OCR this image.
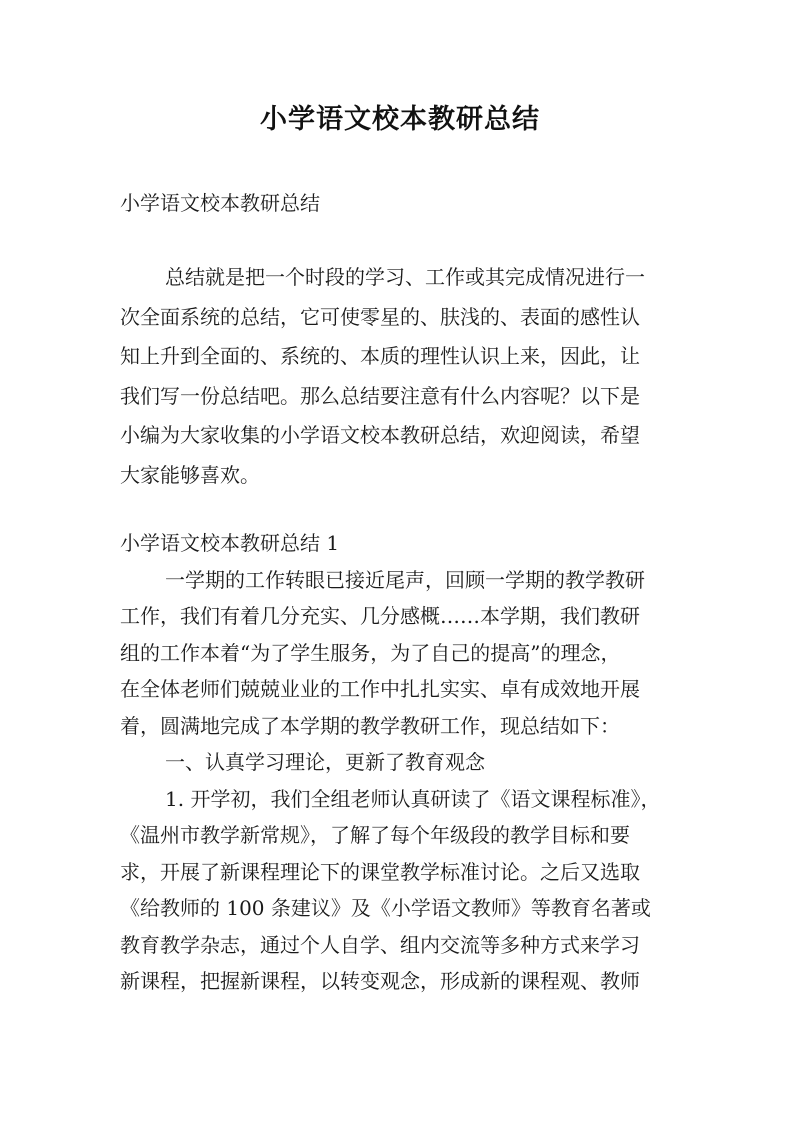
小学语文校本教研总结
小学语文校本教研总结
总结就是把一个时段的学习、工作或其完成情况进行一
次全面系统的总结，它可使零星的、肤浅的、表面的感性认
知上升到全面的、系统的、本质的理性认识上来，因此，让
我们写一份总结吧。那么总结要注意有什么内容呢？以下是
小编为大家收集的小学语文校本教研总结，欢迎阅读，希望
大家能够喜欢。
小学语文校本教研总结 1
一学期的工作转眼已接近尾声，回顾一学期的教学教研
工作，我们有着几分充实、几分感概……本学期，我们教研
组的工作本着“为了学生服务，为了自己的提高”的理念，
在全体老师们兢兢业业的工作中扎扎实实、卓有成效地开展
着，圆满地完成了本学期的教学教研工作，现总结如下：
一、认真学习理论，更新了教育观念
1. 开学初，我们全组老师认真研读了《语文课程标准》，
《温州市教学新常规》，了解了每个年级段的教学目标和要
求，开展了新课程理论下的课堂教学标准讨论。之后又选取
《给教师的 100 条建议》及《小学语文教师》等教育名著或
教育教学杂志，通过个人自学、组内交流等多种方式来学习
新课程，把握新课程，以转变观念，形成新的课程观、教师
